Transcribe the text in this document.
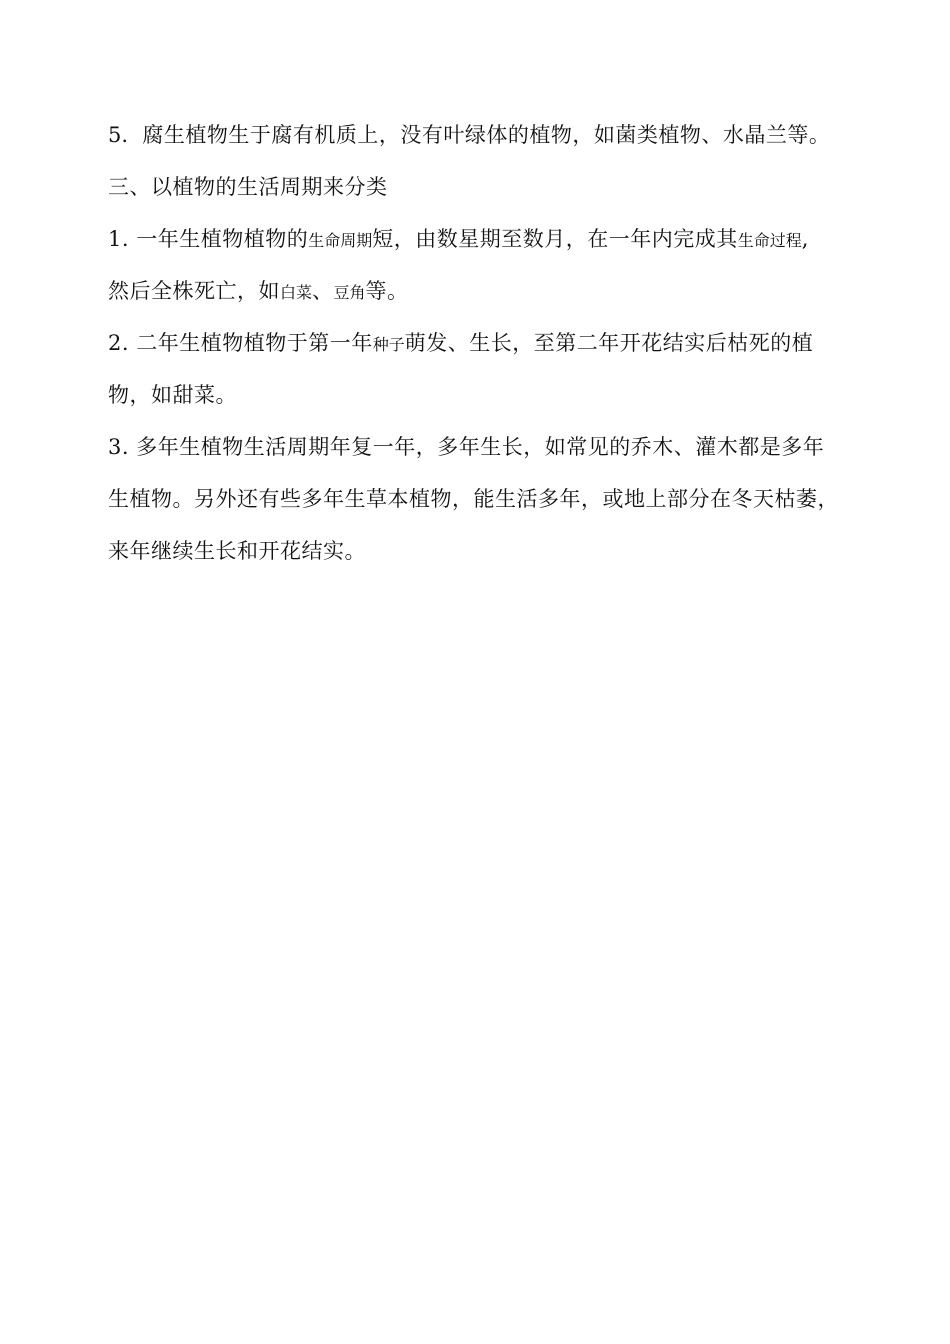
5. 腐生植物生于腐有机质上，没有叶绿体的植物，如菌类植物、水晶兰等。
三、以植物的生活周期来分类
1. 一年生植物植物的生命周期短，由数星期至数月，在一年内完成其生命过程,
然后全株死亡，如白菜、豆角等。
2. 二年生植物植物于第一年种子萌发、生长，至第二年开花结实后枯死的植
物，如甜菜。
3. 多年生植物生活周期年复一年，多年生长，如常见的乔木、灌木都是多年
生植物。另外还有些多年生草本植物，能生活多年，或地上部分在冬天枯萎，
来年继续生长和开花结实。
